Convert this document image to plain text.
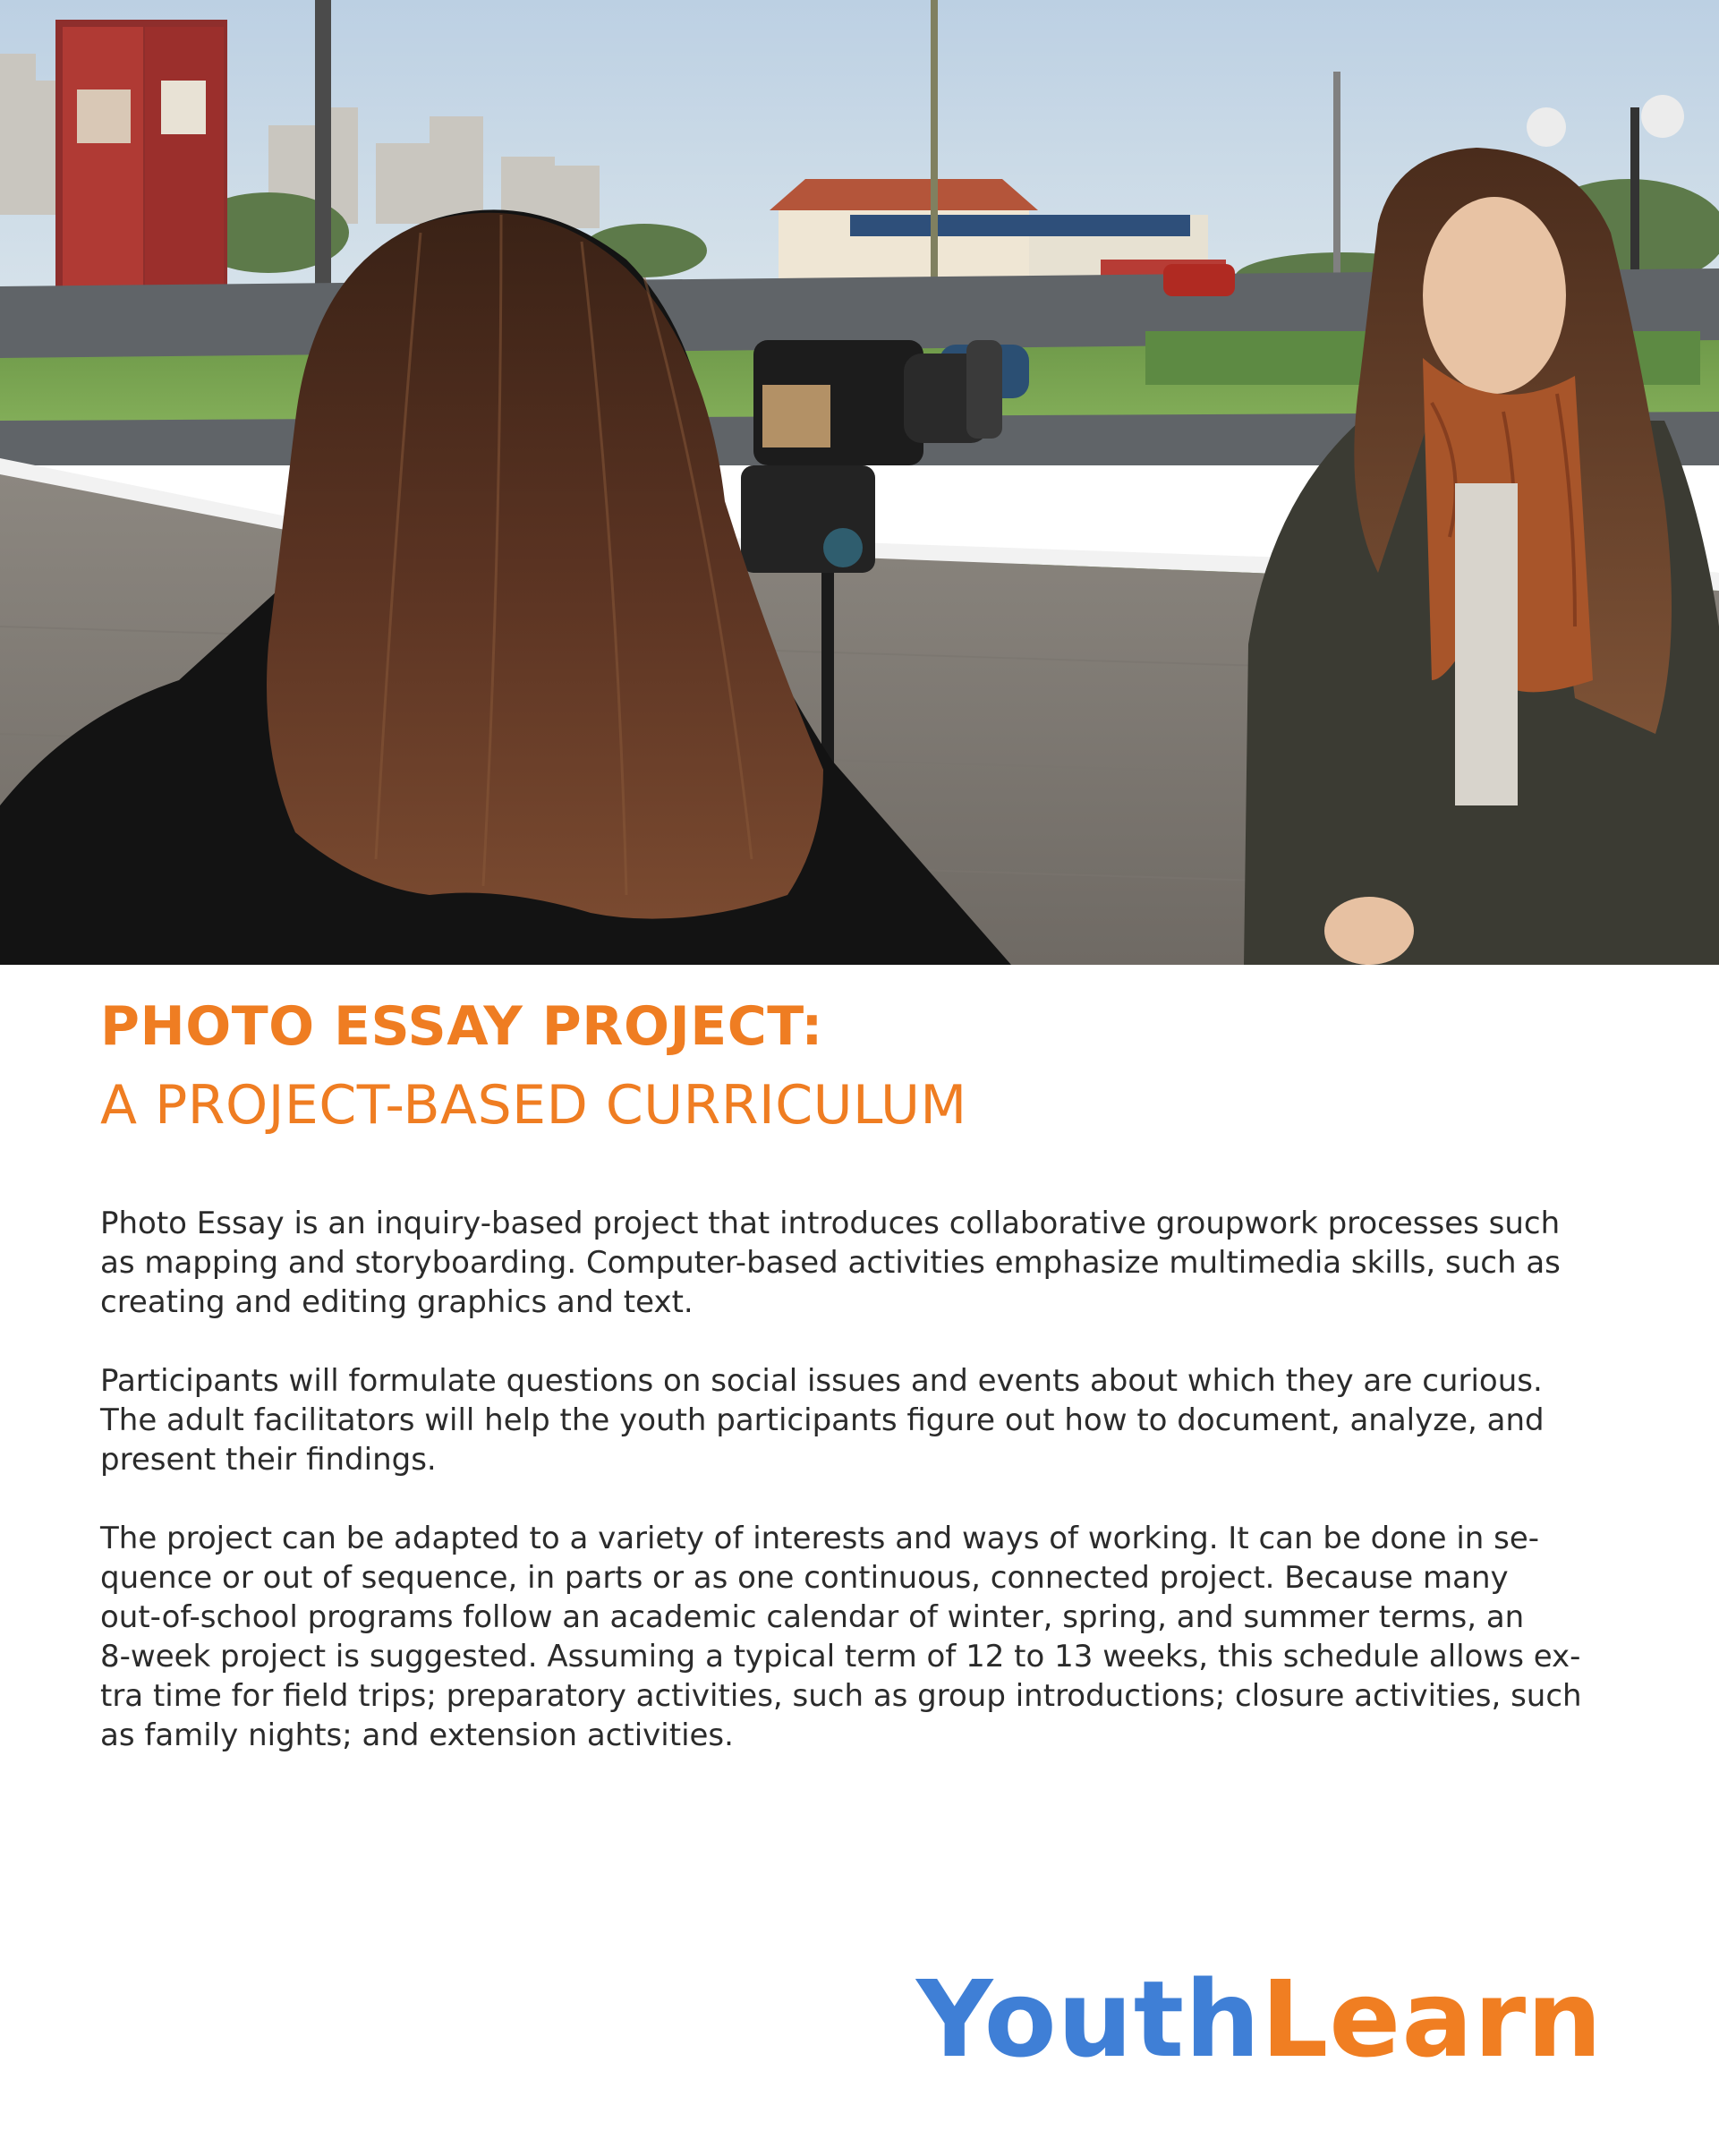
PHOTO ESSAY PROJECT:
A PROJECT-BASED CURRICULUM

Photo Essay is an inquiry-based project that introduces collaborative groupwork processes such
as mapping and storyboarding. Computer-based activities emphasize multimedia skills, such as
creating and editing graphics and text.

Participants will formulate questions on social issues and events about which they are curious.
The adult facilitators will help the youth participants figure out how to document, analyze, and
present their findings.

The project can be adapted to a variety of interests and ways of working. It can be done in se-
quence or out of sequence, in parts or as one continuous, connected project. Because many
out-of-school programs follow an academic calendar of winter, spring, and summer terms, an
8-week project is suggested. Assuming a typical term of 12 to 13 weeks, this schedule allows ex-
tra time for field trips; preparatory activities, such as group introductions; closure activities, such
as family nights; and extension activities.

YouthLearn
